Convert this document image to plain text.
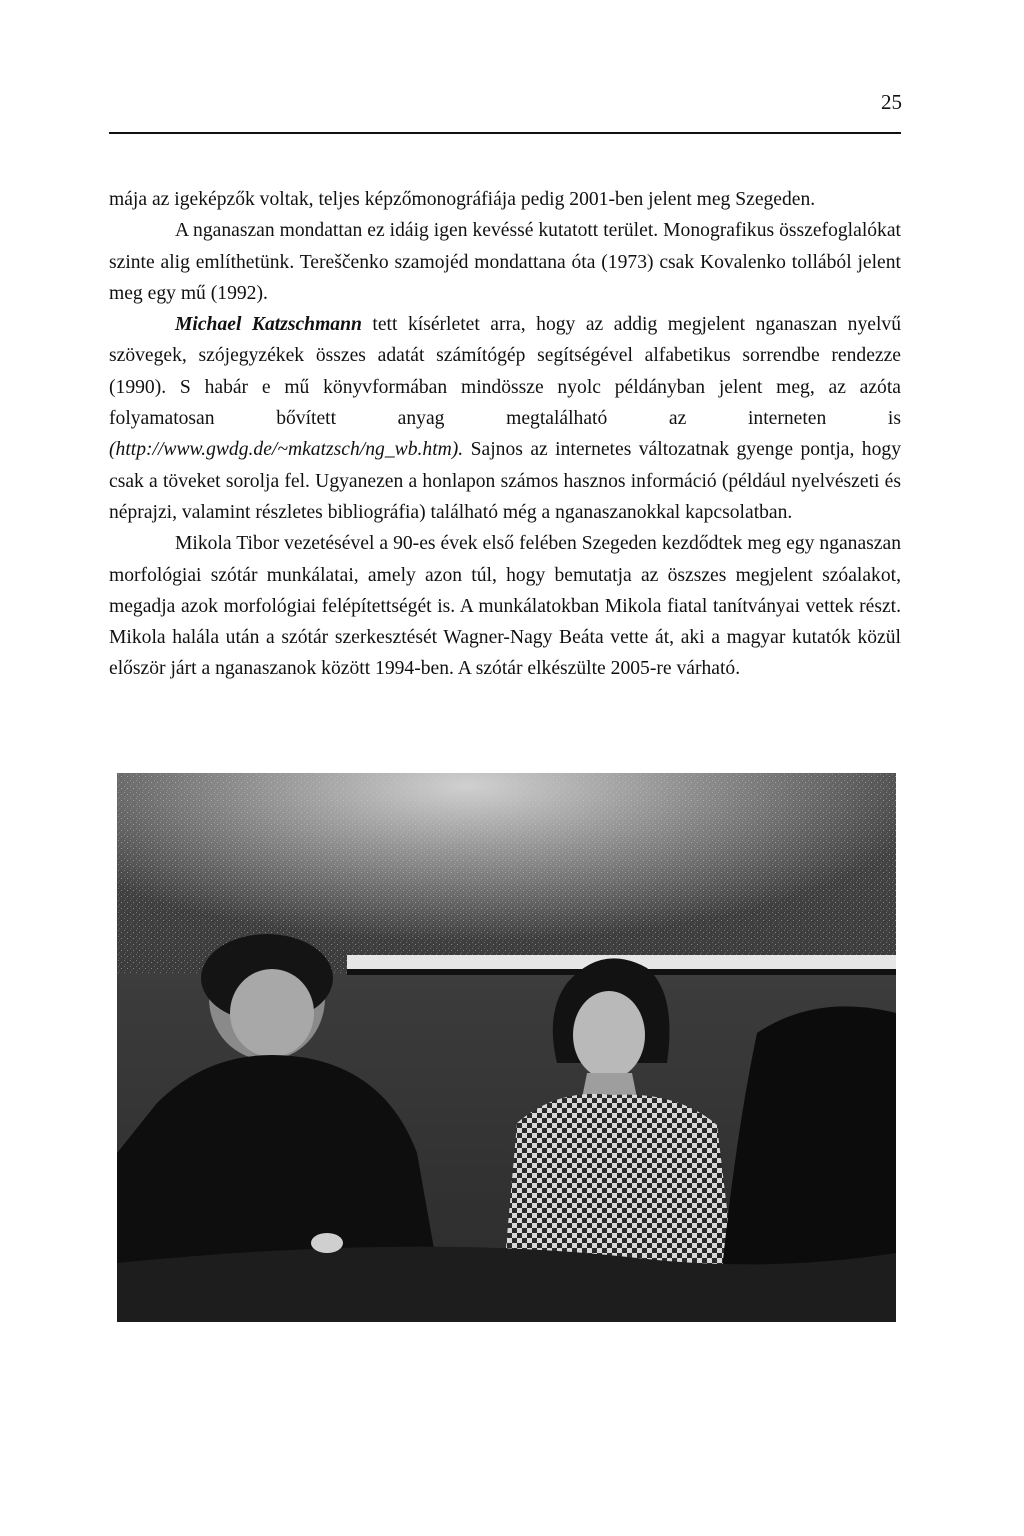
25

mája az igeképzők voltak, teljes képzőmonográfiája pedig 2001-ben jelent meg Szegeden.

A nganaszan mondattan ez idáig igen kevéssé kutatott terület. Monografikus összefoglalókat szinte alig említhetünk. Tereščenko szamojéd mondattana óta (1973) csak Kovalenko tollából jelent meg egy mű (1992).

Michael Katzschmann tett kísérletet arra, hogy az addig megjelent nganaszan nyelvű szövegek, szójegyzékek összes adatát számítógép segítségével alfabetikus sorrendbe rendezze (1990). S habár e mű könyvformában mindössze nyolc példányban jelent meg, az azóta folyamatosan bővített anyag megtalálható az interneten is (http://www.gwdg.de/~mkatzsch/ng_wb.htm). Sajnos az internetes változatnak gyenge pontja, hogy csak a töveket sorolja fel. Ugyanezen a honlapon számos hasznos információ (például nyelvészeti és néprajzi, valamint részletes bibliográfia) található még a nganaszanokkal kapcsolatban.

Mikola Tibor vezetésével a 90-es évek első felében Szegeden kezdődtek meg egy nganaszan morfológiai szótár munkálatai, amely azon túl, hogy bemutatja az öszszes megjelent szóalakot, megadja azok morfológiai felépítettségét is. A munkálatokban Mikola fiatal tanítványai vettek részt. Mikola halála után a szótár szerkesztését Wagner-Nagy Beáta vette át, aki a magyar kutatók közül először járt a nganaszanok között 1994-ben. A szótár elkészülte 2005-re várható.
